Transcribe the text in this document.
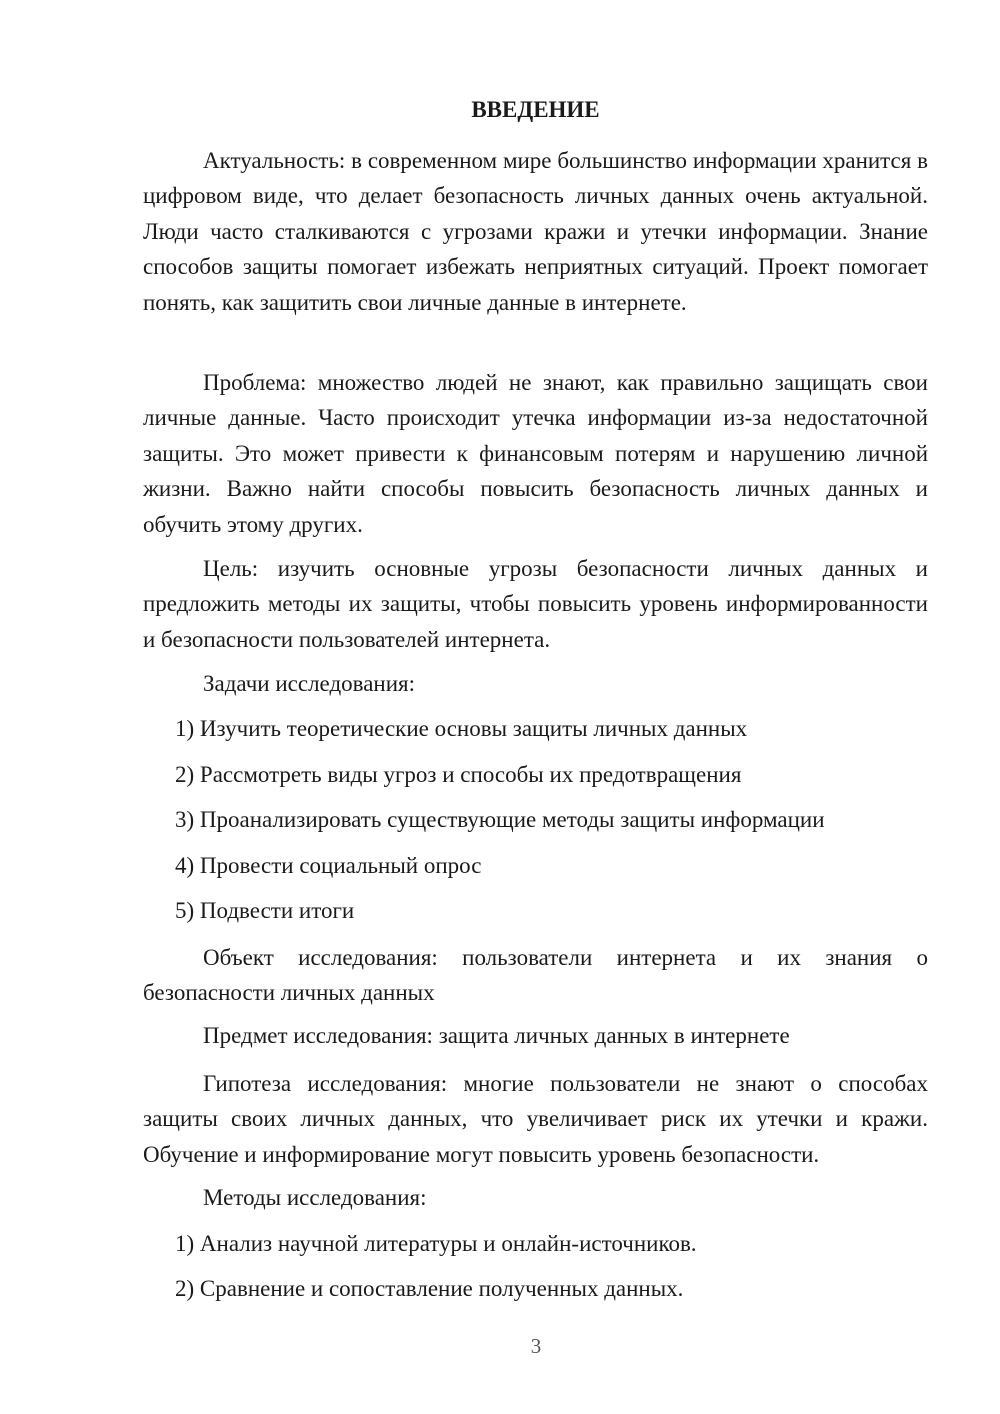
ВВЕДЕНИЕ

Актуальность: в современном мире большинство информации хранится в цифровом виде, что делает безопасность личных данных очень актуальной. Люди часто сталкиваются с угрозами кражи и утечки информации. Знание способов защиты помогает избежать неприятных ситуаций. Проект помогает понять, как защитить свои личные данные в интернете.

Проблема: множество людей не знают, как правильно защищать свои личные данные. Часто происходит утечка информации из-за недостаточной защиты. Это может привести к финансовым потерям и нарушению личной жизни. Важно найти способы повысить безопасность личных данных и обучить этому других.

Цель: изучить основные угрозы безопасности личных данных и предложить методы их защиты, чтобы повысить уровень информированности и безопасности пользователей интернета.

Задачи исследования:
1) Изучить теоретические основы защиты личных данных
2) Рассмотреть виды угроз и способы их предотвращения
3) Проанализировать существующие методы защиты информации
4) Провести социальный опрос
5) Подвести итоги

Объект исследования: пользователи интернета и их знания о безопасности личных данных

Предмет исследования: защита личных данных в интернете

Гипотеза исследования: многие пользователи не знают о способах защиты своих личных данных, что увеличивает риск их утечки и кражи. Обучение и информирование могут повысить уровень безопасности.

Методы исследования:
1) Анализ научной литературы и онлайн-источников.
2) Сравнение и сопоставление полученных данных.
3
